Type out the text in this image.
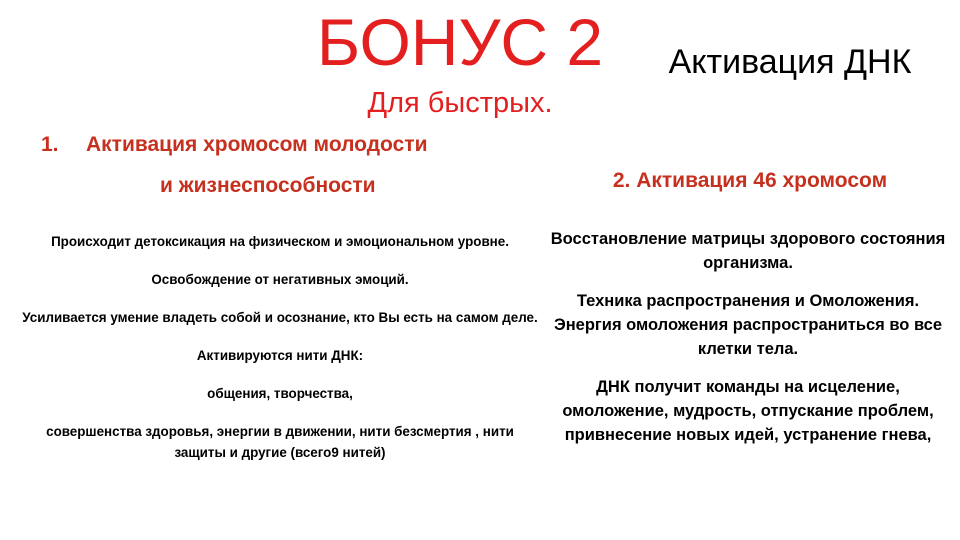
БОНУС 2	Активация ДНК
Для быстрых.
1. Активация хромосом молодости
и жизнеспособности	2. Активация 46 хромосом

Происходит детоксикация на физическом и эмоциональном уровне.

Освобождение от негативных эмоций.

Усиливается умение владеть собой и осознание, кто Вы есть на самом деле.

Активируются нити ДНК:

общения, творчества,

совершенства здоровья, энергии в движении, нити безсмертия , нити защиты и другие (всего9 нитей)

Восстановление матрицы здорового состояния организма.

Техника распространения и Омоложения. Энергия омоложения распространиться во все клетки тела.

ДНК получит команды на исцеление, омоложение, мудрость, отпускание проблем, привнесение новых идей, устранение гнева,
